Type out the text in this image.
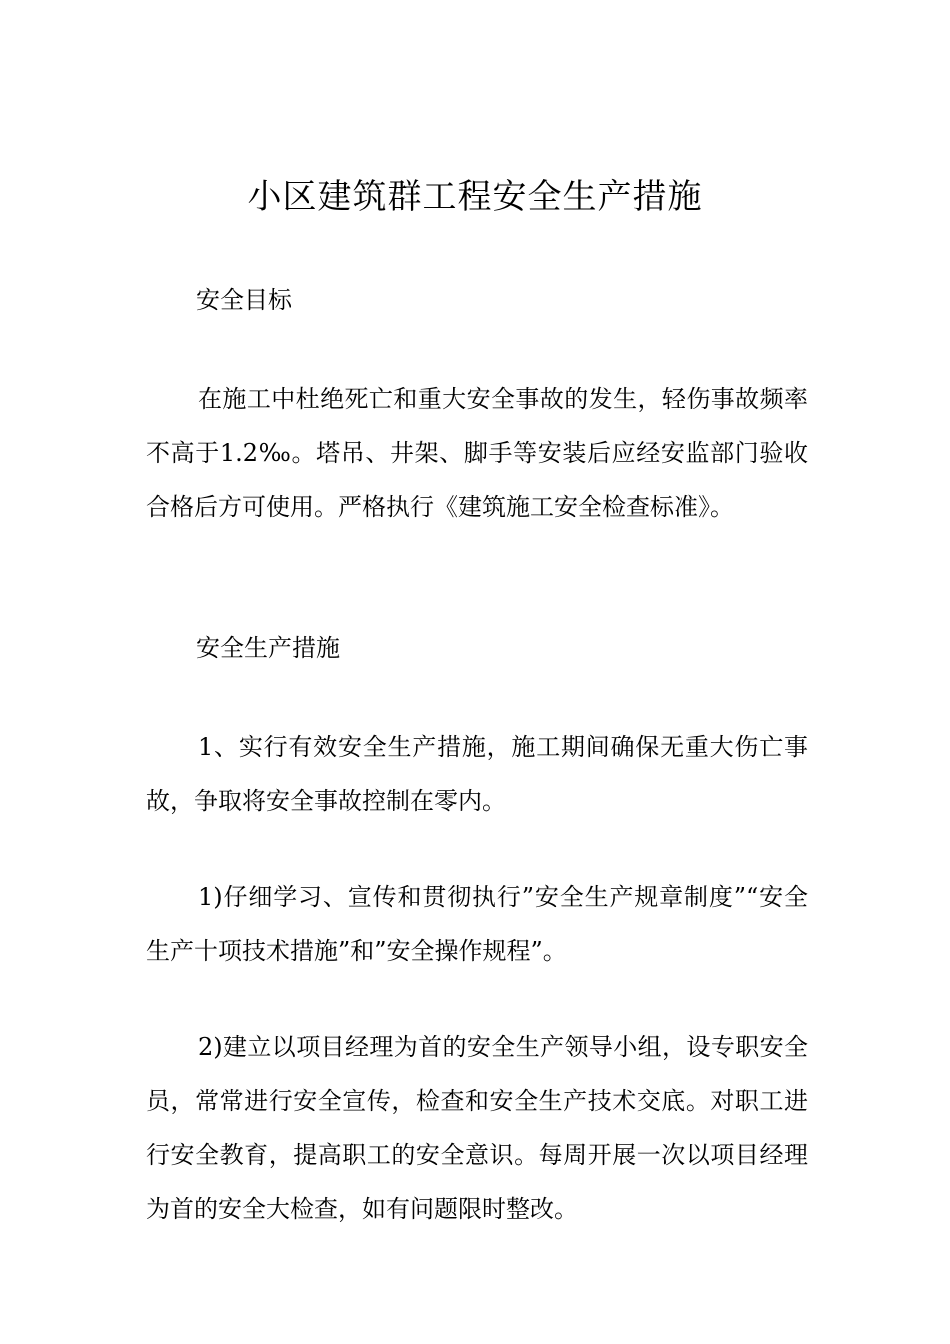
小区建筑群工程安全生产措施
安全目标
在施工中杜绝死亡和重大安全事故的发生，轻伤事故频率不高于1.2‰。塔吊、井架、脚手等安装后应经安监部门验收合格后方可使用。严格执行《建筑施工安全检查标准》。
安全生产措施
1、实行有效安全生产措施，施工期间确保无重大伤亡事故，争取将安全事故控制在零内。
1)仔细学习、宣传和贯彻执行”安全生产规章制度”“安全生产十项技术措施”和”安全操作规程”。
2)建立以项目经理为首的安全生产领导小组，设专职安全员，常常进行安全宣传，检查和安全生产技术交底。对职工进行安全教育，提高职工的安全意识。每周开展一次以项目经理为首的安全大检查，如有问题限时整改。
